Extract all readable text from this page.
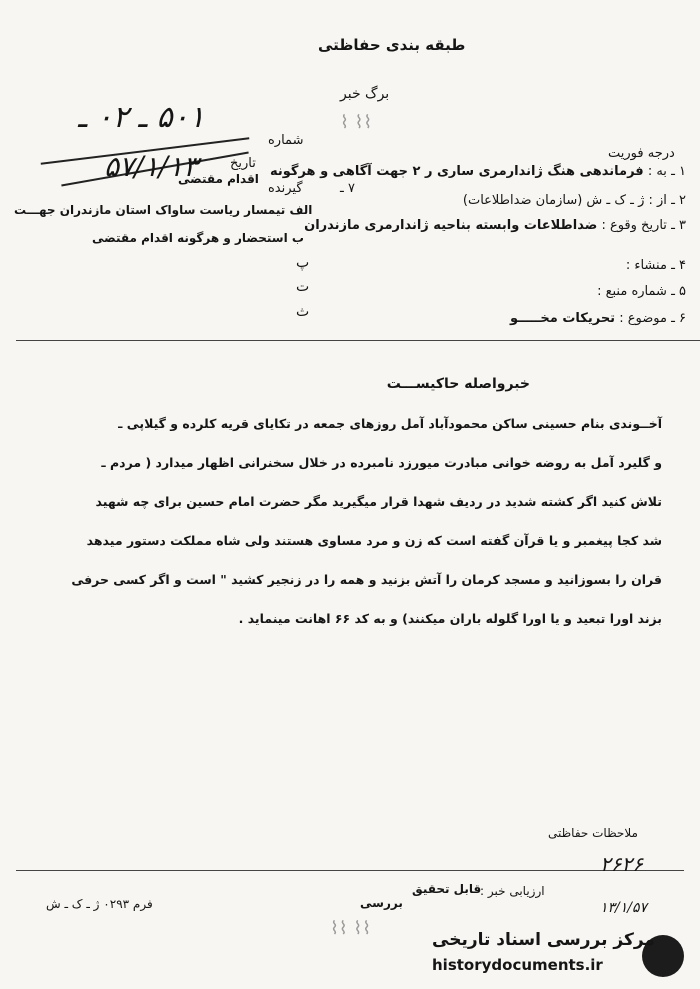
طبقه بندی حفاظتی
برگ خبر
درجه فوریت
شماره
تاریخ
گیرنده	۷ ـ
⌇⌇ ⌇
۵۰۱ ـ ۰۲ ـ
۵۷/۱/۱۳
اقدام مقتضی	۱ ـ به : فرماندهی هنگ ژاندارمری ساری ر ۲ جهت آگاهی و هرگونه
۲ ـ از : ژ ـ ک ـ ش (سازمان ضداطلاعات)
۳ ـ تاریخ وقوع : ضداطلاعات وابسته بناحیه ژاندارمری مازندران
۴ ـ منشاء :
۵ ـ شماره منبع :
۶ ـ موضوع : تحریکات مخـــــو
الف تیمسار ریاست ساواک استان مازندران جهـــت
ب استحضار و هرگونه اقدام مقتضی
پ
ت
ث
خبرواصله حاکیســـت
آخــوندی بنام حسینی ساکن محمودآباد آمل روزهای جمعه در تکایای قریه کلرده و گیلاپی ـ
و گلیرد آمل به روضه خوانی مبادرت میورزد نامبرده در خلال سخنرانی اظهار میدارد ( مردم ـ
تلاش کنید اگر کشته شدید در ردیف شهدا قرار میگیرید مگر حضرت امام حسین برای چه شهید
شد کجا پیغمبر و یا قرآن گفته است که زن و مرد مساوی هستند ولی شاه مملکت دستور میدهد
قران را بسوزانید و مسجد کرمان را آتش بزنید و همه را در زنجیر کشید " است و اگر کسی حرفی
بزند اورا تبعید و یا اورا گلوله باران میکنند) و به کد ۶۶ اهانت مینماید .
ملاحظات حفاظتی
۲۶۲۶
۱۳/۱/۵۷
فرم ۰۲۹۳ ژ ـ ک ـ ش
ارزیابی خبر :
قابل تحقیق
بررسی
⌇⌇ ⌇⌇
مرکز بررسی اسناد تاریخی
historydocuments.ir
